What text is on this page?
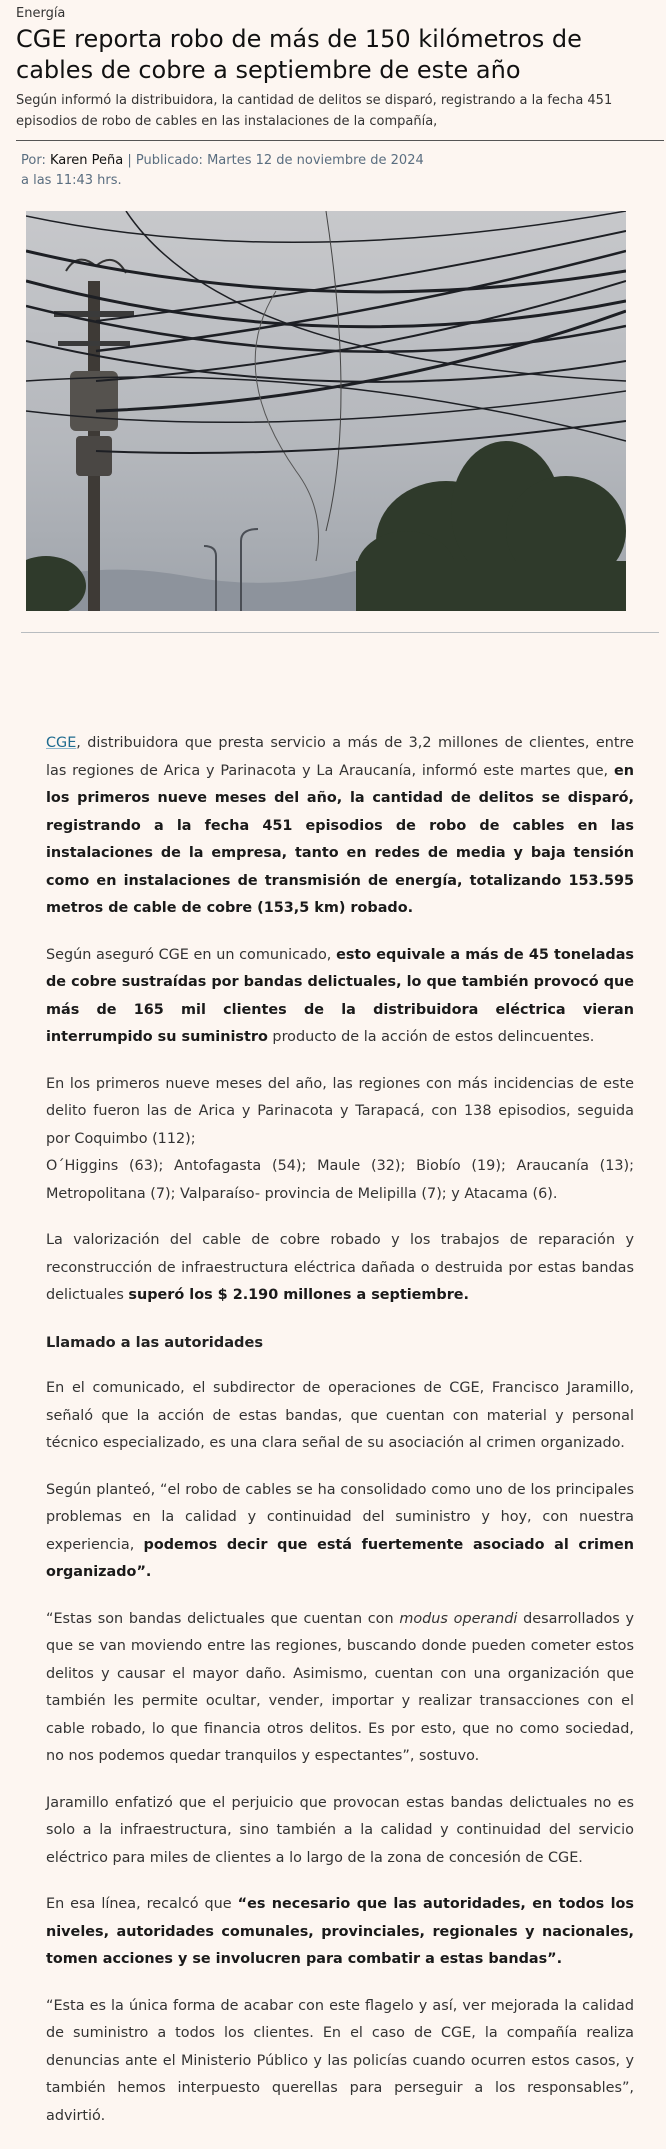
Energía
CGE reporta robo de más de 150 kilómetros de cables de cobre a septiembre de este año

Según informó la distribuidora, la cantidad de delitos se disparó, registrando a la fecha 451 episodios de robo de cables en las instalaciones de la compañía,

Por: Karen Peña | Publicado: Martes 12 de noviembre de 2024 a las 11:43 hrs.

CGE, distribuidora que presta servicio a más de 3,2 millones de clientes, entre las regiones de Arica y Parinacota y La Araucanía, informó este martes que, en los primeros nueve meses del año, la cantidad de delitos se disparó, registrando a la fecha 451 episodios de robo de cables en las instalaciones de la empresa, tanto en redes de media y baja tensión como en instalaciones de transmisión de energía, totalizando 153.595 metros de cable de cobre (153,5 km) robado.

Según aseguró CGE en un comunicado, esto equivale a más de 45 toneladas de cobre sustraídas por bandas delictuales, lo que también provocó que más de 165 mil clientes de la distribuidora eléctrica vieran interrumpido su suministro producto de la acción de estos delincuentes.

En los primeros nueve meses del año, las regiones con más incidencias de este delito fueron las de Arica y Parinacota y Tarapacá, con 138 episodios, seguida por Coquimbo (112);
O´Higgins (63); Antofagasta (54); Maule (32); Biobío (19); Araucanía (13); Metropolitana (7); Valparaíso- provincia de Melipilla (7); y Atacama (6).

La valorización del cable de cobre robado y los trabajos de reparación y reconstrucción de infraestructura eléctrica dañada o destruida por estas bandas delictuales superó los $ 2.190 millones a septiembre.

Llamado a las autoridades

En el comunicado, el subdirector de operaciones de CGE, Francisco Jaramillo, señaló que la acción de estas bandas, que cuentan con material y personal técnico especializado, es una clara señal de su asociación al crimen organizado.

Según planteó, “el robo de cables se ha consolidado como uno de los principales problemas en la calidad y continuidad del suministro y hoy, con nuestra experiencia, podemos decir que está fuertemente asociado al crimen organizado”.

“Estas son bandas delictuales que cuentan con modus operandi desarrollados y que se van moviendo entre las regiones, buscando donde pueden cometer estos delitos y causar el mayor daño. Asimismo, cuentan con una organización que también les permite ocultar, vender, importar y realizar transacciones con el cable robado, lo que financia otros delitos. Es por esto, que no como sociedad, no nos podemos quedar tranquilos y espectantes”, sostuvo.

Jaramillo enfatizó que el perjuicio que provocan estas bandas delictuales no es solo a la infraestructura, sino también a la calidad y continuidad del servicio eléctrico para miles de clientes a lo largo de la zona de concesión de CGE.

En esa línea, recalcó que “es necesario que las autoridades, en todos los niveles, autoridades comunales, provinciales, regionales y nacionales, tomen acciones y se involucren para combatir a estas bandas”.

“Esta es la única forma de acabar con este flagelo y así, ver mejorada la calidad de suministro a todos los clientes. En el caso de CGE, la compañía realiza denuncias ante el Ministerio Público y las policías cuando ocurren estos casos, y también hemos interpuesto querellas para perseguir a los responsables”, advirtió.
